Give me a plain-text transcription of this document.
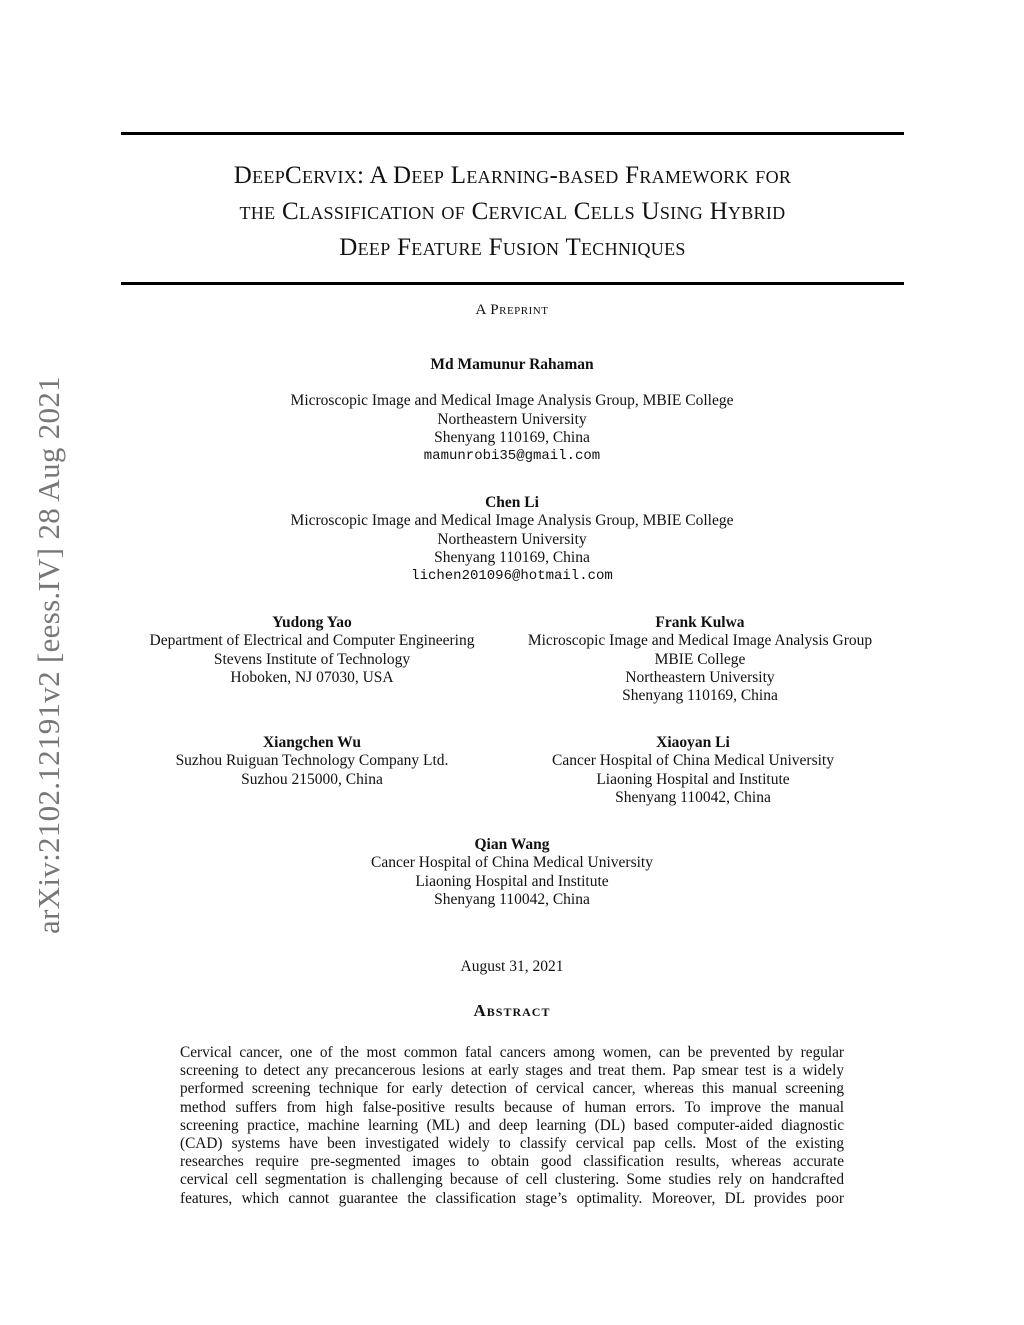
arXiv:2102.12191v2 [eess.IV] 28 Aug 2021
DeepCervix: A Deep Learning-based Framework for
the Classification of Cervical Cells Using Hybrid
Deep Feature Fusion Techniques
A Preprint
Md Mamunur Rahaman
Microscopic Image and Medical Image Analysis Group, MBIE College
Northeastern University
Shenyang 110169, China
mamunrobi35@gmail.com
Chen Li
Microscopic Image and Medical Image Analysis Group, MBIE College
Northeastern University
Shenyang 110169, China
lichen201096@hotmail.com
Yudong Yao
Department of Electrical and Computer Engineering
Stevens Institute of Technology
Hoboken, NJ 07030, USA
Frank Kulwa
Microscopic Image and Medical Image Analysis Group
MBIE College
Northeastern University
Shenyang 110169, China
Xiangchen Wu
Suzhou Ruiguan Technology Company Ltd.
Suzhou 215000, China
Xiaoyan Li
Cancer Hospital of China Medical University
Liaoning Hospital and Institute
Shenyang 110042, China
Qian Wang
Cancer Hospital of China Medical University
Liaoning Hospital and Institute
Shenyang 110042, China
August 31, 2021
Abstract
Cervical cancer, one of the most common fatal cancers among women, can be prevented by regular
screening to detect any precancerous lesions at early stages and treat them. Pap smear test is a widely
performed screening technique for early detection of cervical cancer, whereas this manual screening
method suffers from high false-positive results because of human errors. To improve the manual
screening practice, machine learning (ML) and deep learning (DL) based computer-aided diagnostic
(CAD) systems have been investigated widely to classify cervical pap cells. Most of the existing
researches require pre-segmented images to obtain good classification results, whereas accurate
cervical cell segmentation is challenging because of cell clustering. Some studies rely on handcrafted
features, which cannot guarantee the classification stage’s optimality. Moreover, DL provides poor
